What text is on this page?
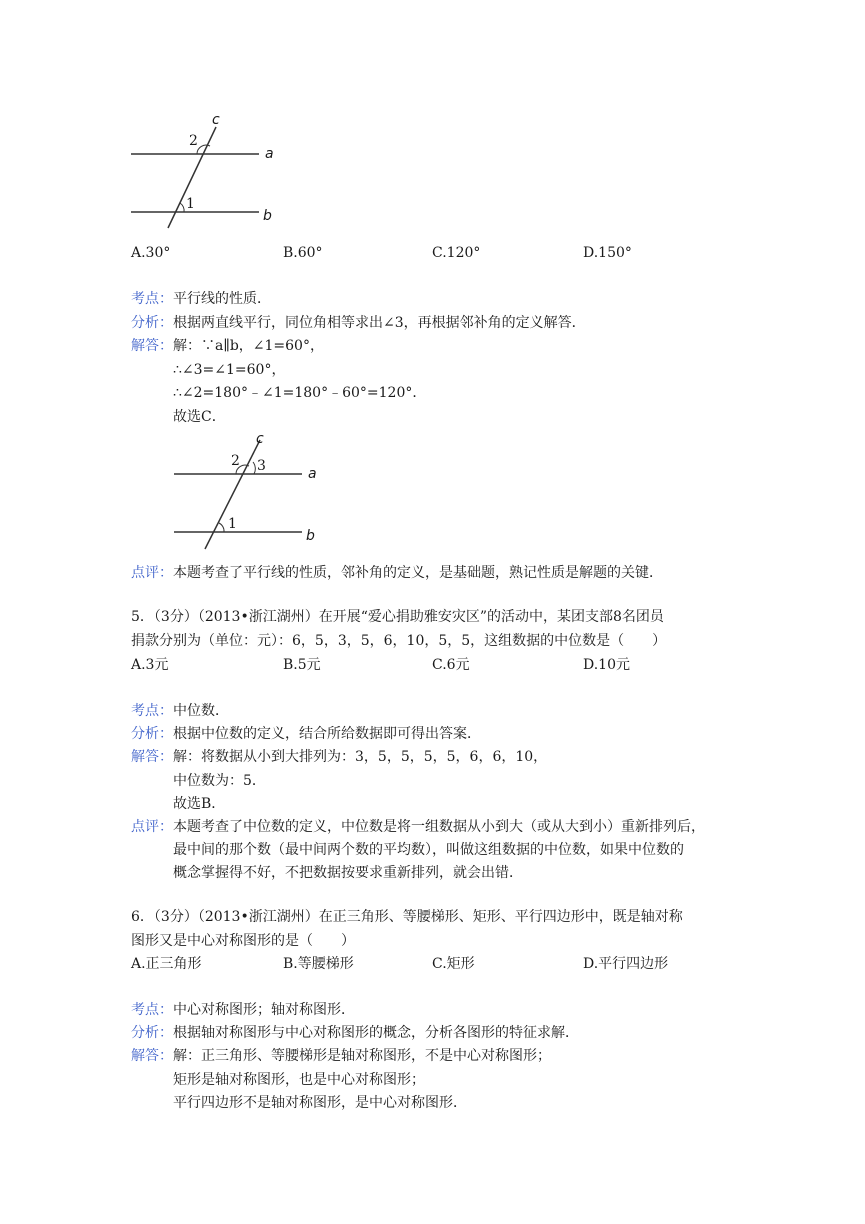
c
a
b
2
1
A.30°	B.60°	C.120°	D.150°
考点：平行线的性质．
分析：根据两直线平行，同位角相等求出∠3，再根据邻补角的定义解答．
解答：解：∵a∥b，∠1=60°，
∴∠3=∠1=60°，
∴∠2=180°﹣∠1=180°﹣60°=120°．
故选C．
c
a
b
2 3
1
点评：本题考查了平行线的性质，邻补角的定义，是基础题，熟记性质是解题的关键．
5．（3分）（2013•浙江湖州）在开展“爱心捐助雅安灾区”的活动中，某团支部8名团员
捐款分别为（单位：元）：6，5，3，5，6，10，5，5，这组数据的中位数是（　　）
A.3元	B.5元	C.6元	D.10元
考点：中位数．
分析：根据中位数的定义，结合所给数据即可得出答案．
解答：解：将数据从小到大排列为：3，5，5，5，5，6，6，10，
中位数为：5．
故选B．
点评：本题考查了中位数的定义，中位数是将一组数据从小到大（或从大到小）重新排列后，
最中间的那个数（最中间两个数的平均数），叫做这组数据的中位数，如果中位数的
概念掌握得不好，不把数据按要求重新排列，就会出错．
6．（3分）（2013•浙江湖州）在正三角形、等腰梯形、矩形、平行四边形中，既是轴对称
图形又是中心对称图形的是（　　）
A.正三角形	B.等腰梯形	C.矩形	D.平行四边形
考点：中心对称图形；轴对称图形．
分析：根据轴对称图形与中心对称图形的概念，分析各图形的特征求解．
解答：解：正三角形、等腰梯形是轴对称图形，不是中心对称图形；
矩形是轴对称图形，也是中心对称图形；
平行四边形不是轴对称图形，是中心对称图形．
